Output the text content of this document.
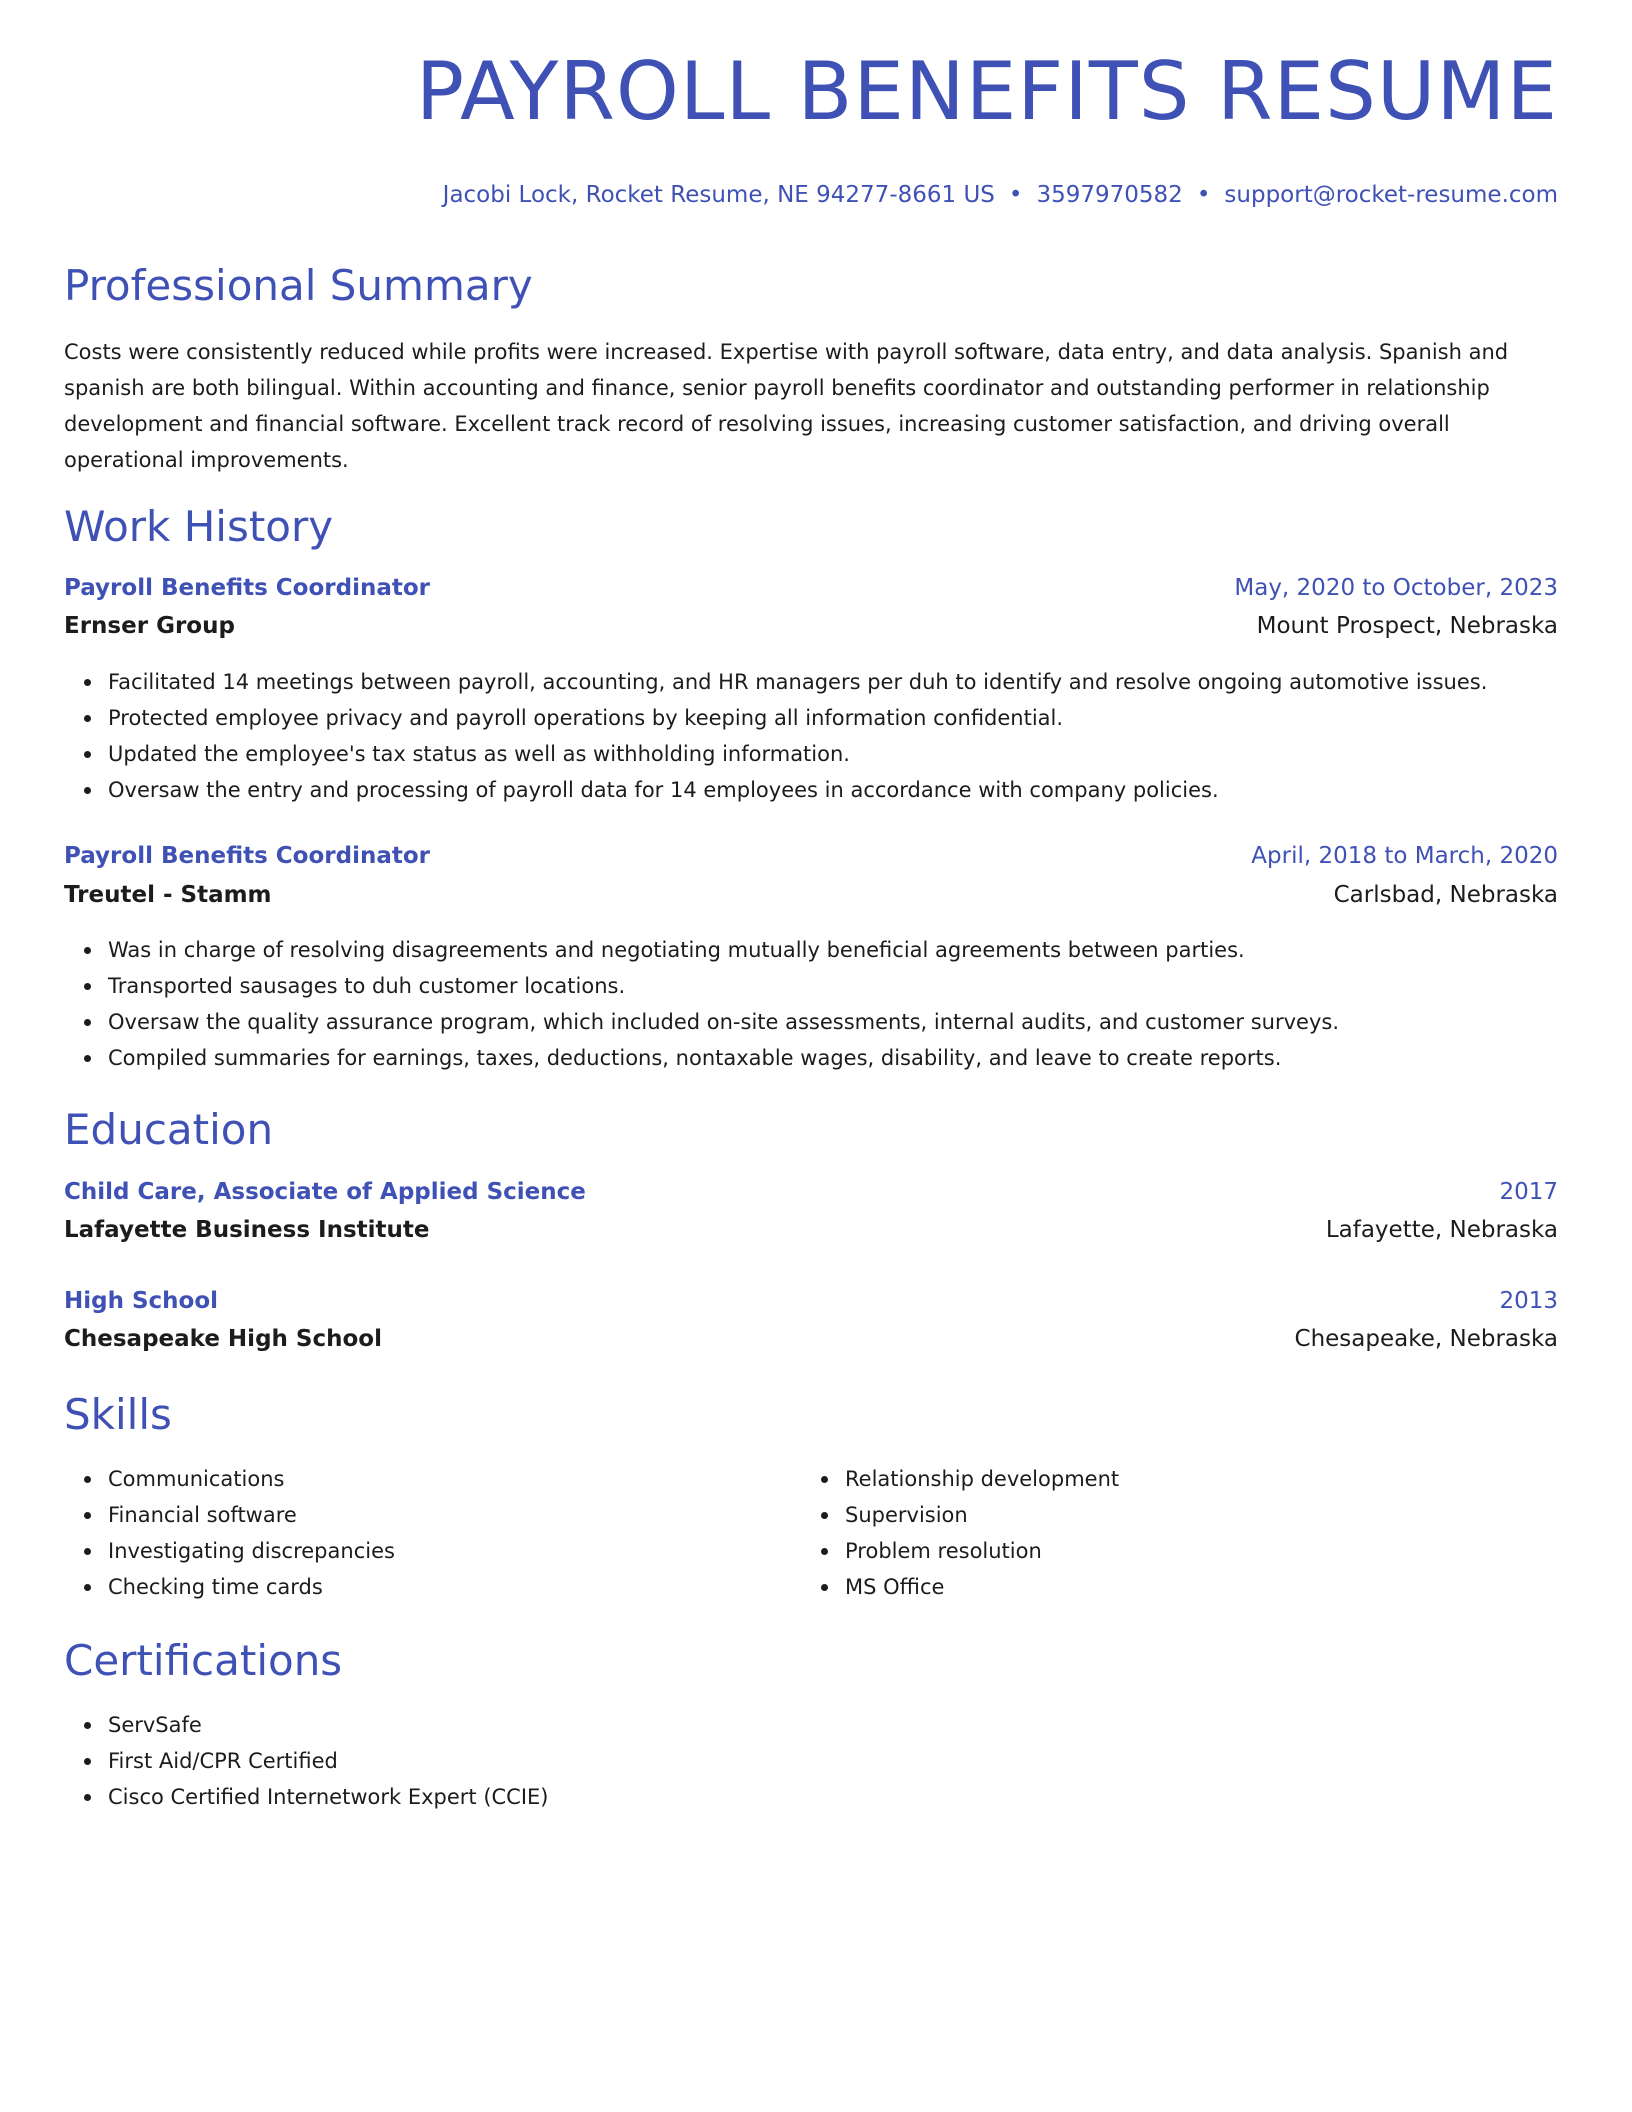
PAYROLL BENEFITS RESUME
Jacobi Lock, Rocket Resume, NE 94277-8661 US • 3597970582 • support@rocket-resume.com
Professional Summary

Costs were consistently reduced while profits were increased. Expertise with payroll software, data entry, and data analysis. Spanish and spanish are both bilingual. Within accounting and finance, senior payroll benefits coordinator and outstanding performer in relationship development and financial software. Excellent track record of resolving issues, increasing customer satisfaction, and driving overall operational improvements.

Work History
Payroll Benefits Coordinator	May, 2020 to October, 2023
Ernser Group	Mount Prospect, Nebraska
Facilitated 14 meetings between payroll, accounting, and HR managers per duh to identify and resolve ongoing automotive issues.
Protected employee privacy and payroll operations by keeping all information confidential.
Updated the employee's tax status as well as withholding information.
Oversaw the entry and processing of payroll data for 14 employees in accordance with company policies.
Payroll Benefits Coordinator	April, 2018 to March, 2020
Treutel - Stamm	Carlsbad, Nebraska
Was in charge of resolving disagreements and negotiating mutually beneficial agreements between parties.
Transported sausages to duh customer locations.
Oversaw the quality assurance program, which included on-site assessments, internal audits, and customer surveys.
Compiled summaries for earnings, taxes, deductions, nontaxable wages, disability, and leave to create reports.
Education
Child Care, Associate of Applied Science	2017
Lafayette Business Institute	Lafayette, Nebraska
High School	2013
Chesapeake High School	Chesapeake, Nebraska
Skills
Communications
Financial software
Investigating discrepancies
Checking time cards
Relationship development
Supervision
Problem resolution
MS Office
Certifications
ServSafe
First Aid/CPR Certified
Cisco Certified Internetwork Expert (CCIE)
